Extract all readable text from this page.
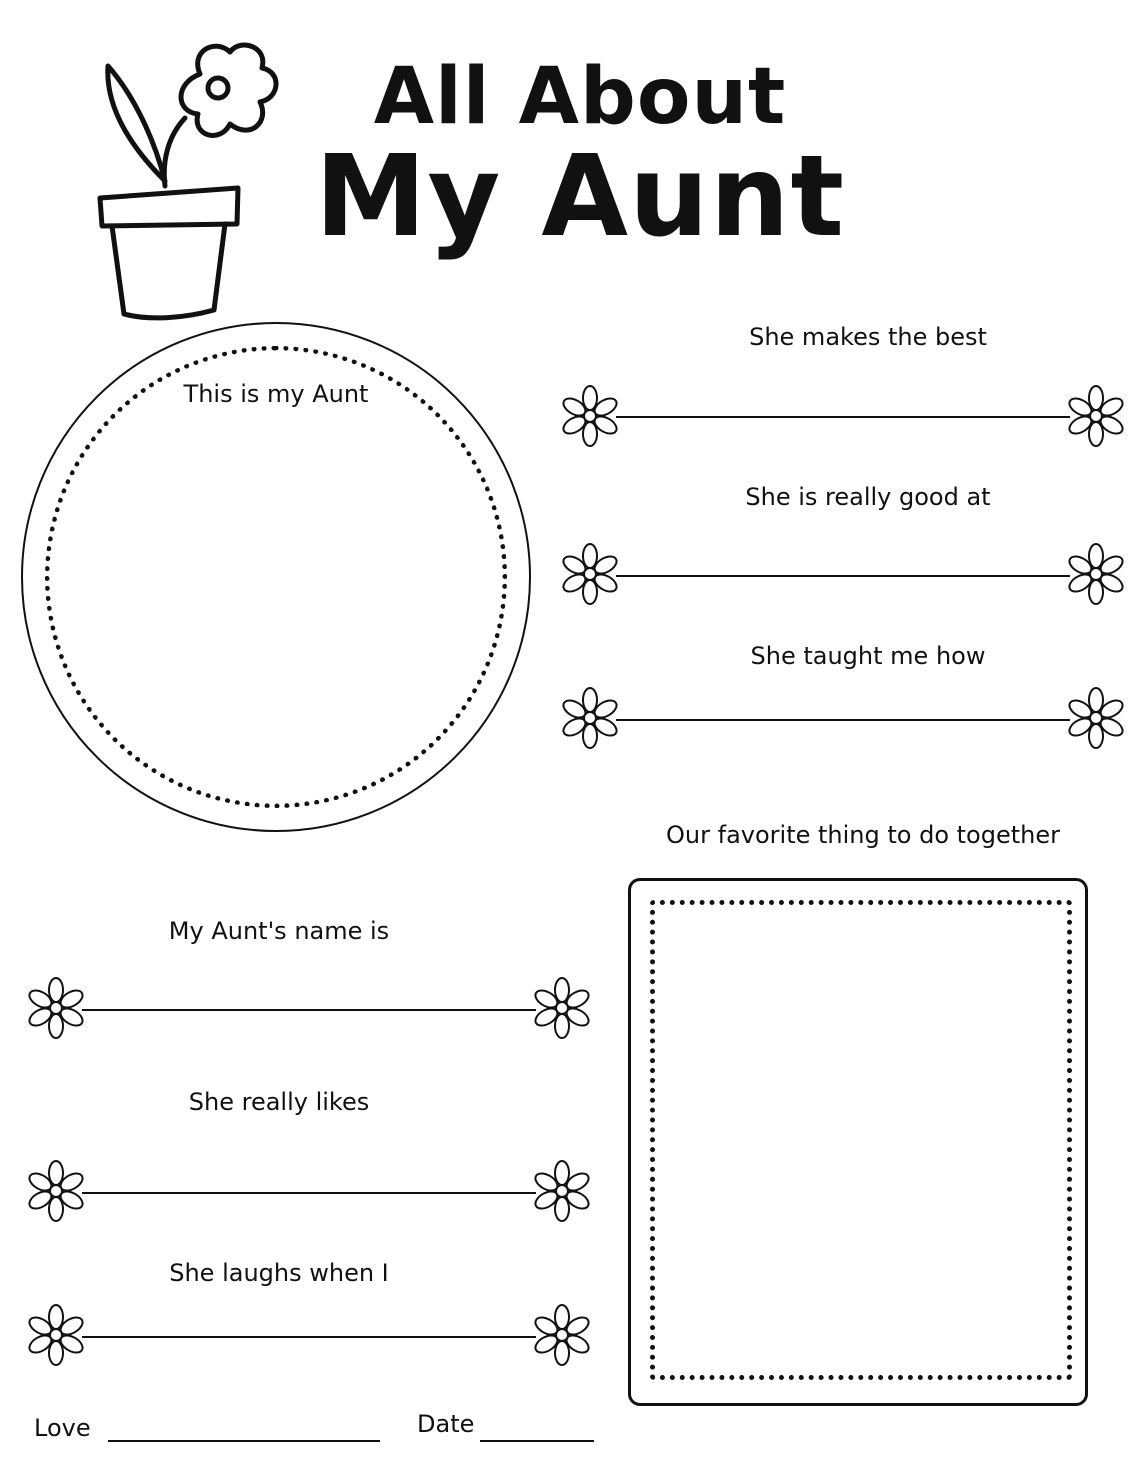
All About
My Aunt
This is my Aunt
She makes the best
She is really good at
She taught me how
Our favorite thing to do together
My Aunt's name is
She really likes
She laughs when I
Love	Date
